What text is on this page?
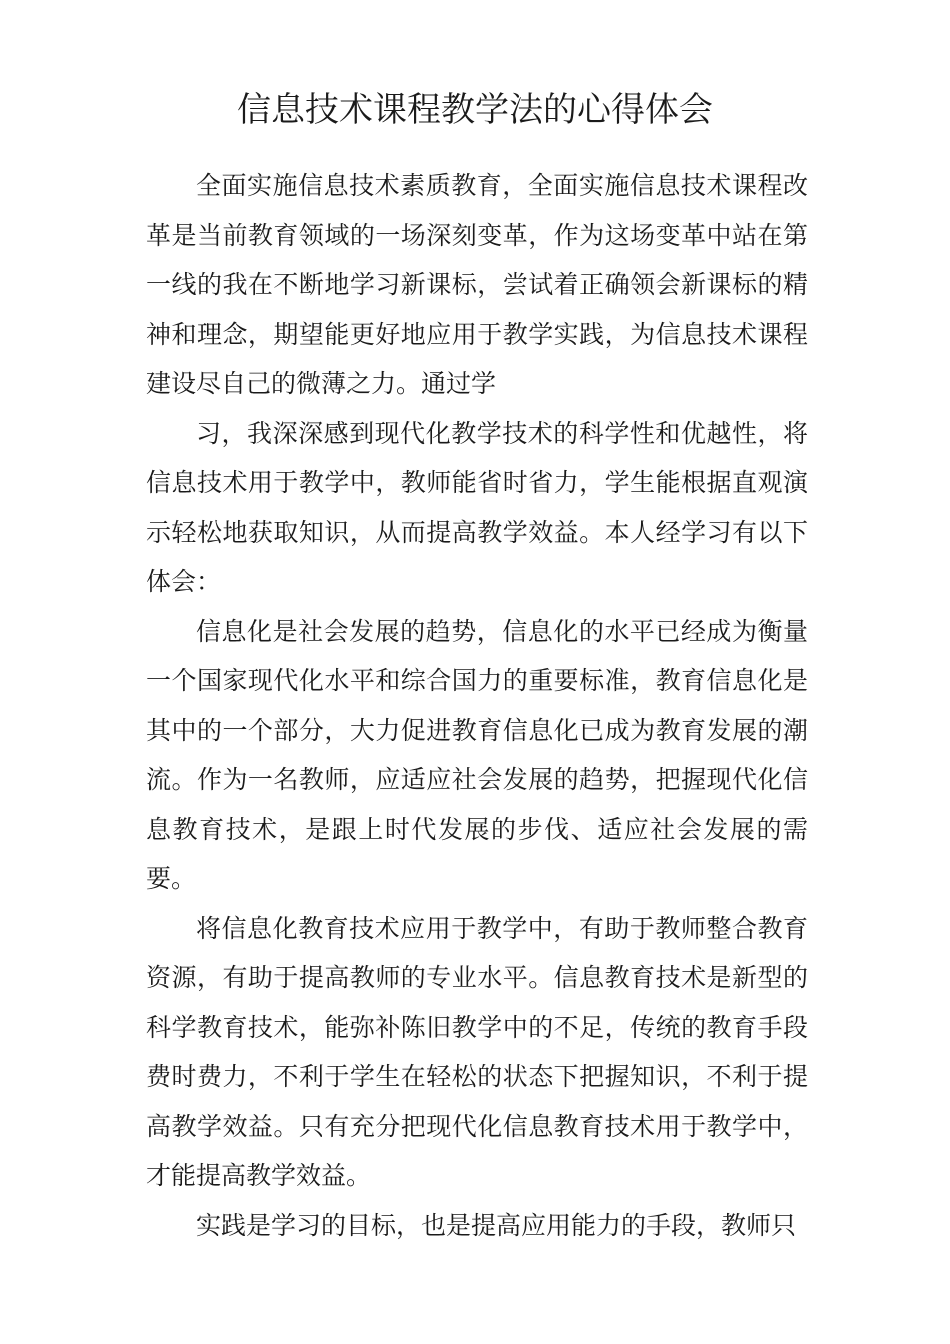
信息技术课程教学法的心得体会

全面实施信息技术素质教育，全面实施信息技术课程改革是当前教育领域的一场深刻变革，作为这场变革中站在第一线的我在不断地学习新课标，尝试着正确领会新课标的精神和理念，期望能更好地应用于教学实践，为信息技术课程建设尽自己的微薄之力。通过学

习，我深深感到现代化教学技术的科学性和优越性，将信息技术用于教学中，教师能省时省力，学生能根据直观演示轻松地获取知识，从而提高教学效益。本人经学习有以下体会：

信息化是社会发展的趋势，信息化的水平已经成为衡量一个国家现代化水平和综合国力的重要标准，教育信息化是其中的一个部分，大力促进教育信息化已成为教育发展的潮流。作为一名教师，应适应社会发展的趋势，把握现代化信息教育技术，是跟上时代发展的步伐、适应社会发展的需要。

将信息化教育技术应用于教学中，有助于教师整合教育资源，有助于提高教师的专业水平。信息教育技术是新型的科学教育技术，能弥补陈旧教学中的不足，传统的教育手段费时费力，不利于学生在轻松的状态下把握知识，不利于提高教学效益。只有充分把现代化信息教育技术用于教学中，才能提高教学效益。

实践是学习的目标，也是提高应用能力的手段，教师只
